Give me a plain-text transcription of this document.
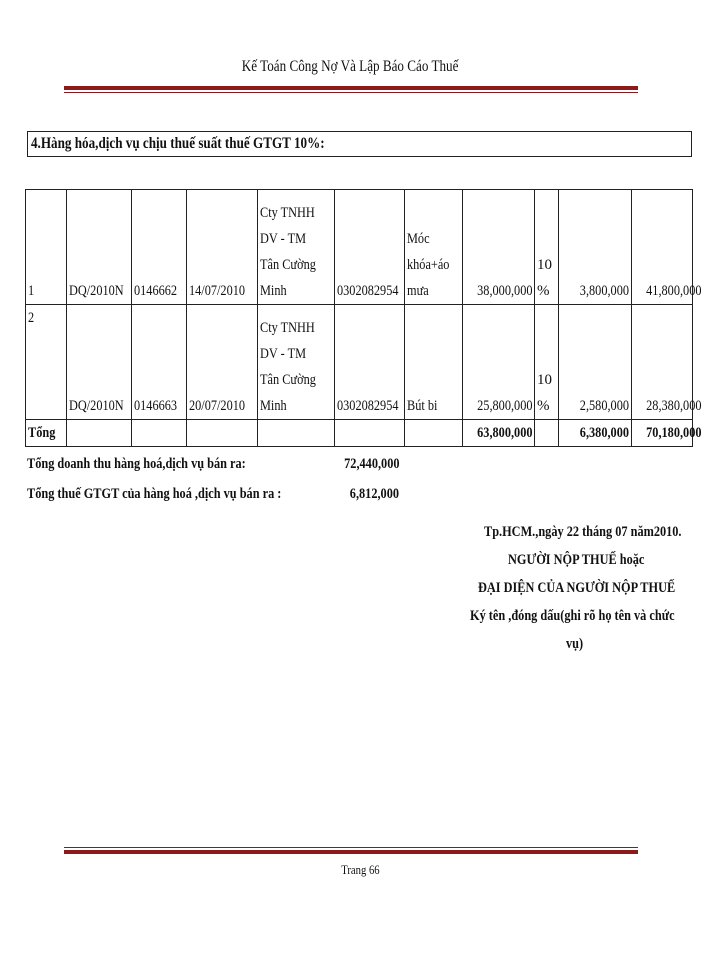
Kế Toán Công Nợ Và Lập Báo Cáo Thuế
4.Hàng hóa,dịch vụ chịu thuế suất thuế GTGT 10%:
1	DQ/2010N	0146662	14/07/2010	Cty TNHH
DV - TM
Tân Cường
Minh	0302082954	Móc
khóa+áo
mưa	38,000,000	10
%	3,800,000	41,800,000
2	DQ/2010N	0146663	20/07/2010	Cty TNHH
DV - TM
Tân Cường
Minh	0302082954	Bút bi	25,800,000	10
%	2,580,000	28,380,000
Tổng							63,800,000		6,380,000	70,180,000
Tổng doanh thu hàng hoá,dịch vụ bán ra:	72,440,000
Tổng thuế GTGT của hàng hoá ,dịch vụ bán ra :	6,812,000
Tp.HCM.,ngày 22 tháng 07 năm2010.
NGƯỜI NỘP THUẾ hoặc
ĐẠI DIỆN CỦA NGƯỜI NỘP THUẾ
Ký tên ,đóng dấu(ghi rõ họ tên và chức
vụ)
Trang 66
